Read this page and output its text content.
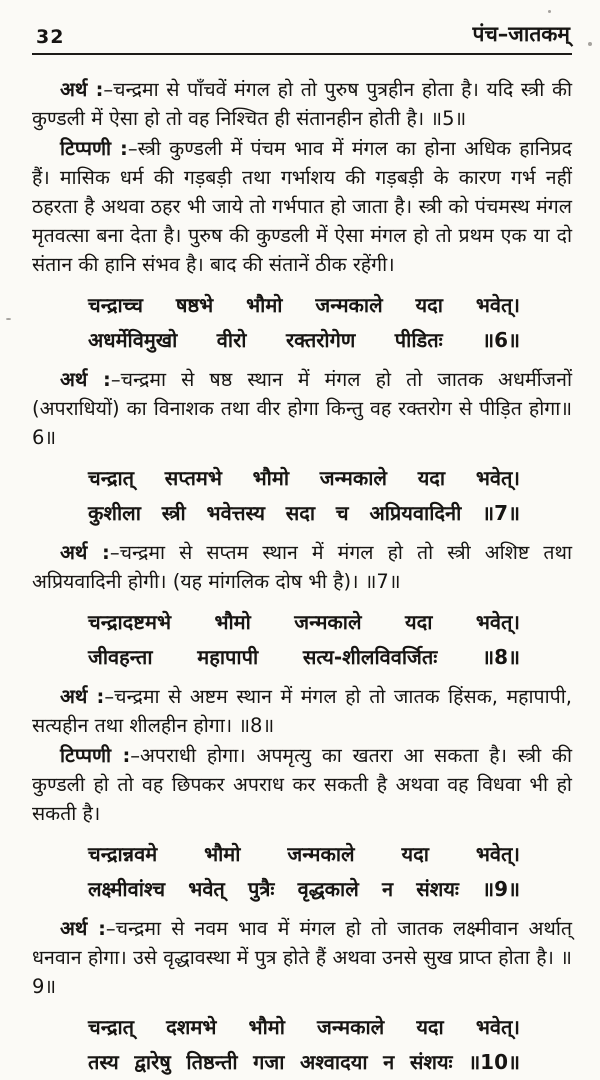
32	पंच–जातकम्

अर्थ :–चन्द्रमा से पाँचवें मंगल हो तो पुरुष पुत्रहीन होता है। यदि स्त्री की कुण्डली में ऐसा हो तो वह निश्चित ही संतानहीन होती है। ॥5॥

टिप्पणी :–स्त्री कुण्डली में पंचम भाव में मंगल का होना अधिक हानिप्रद हैं। मासिक धर्म की गड़बड़ी तथा गर्भाशय की गड़बड़ी के कारण गर्भ नहीं ठहरता है अथवा ठहर भी जाये तो गर्भपात हो जाता है। स्त्री को पंचमस्थ मंगल मृतवत्सा बना देता है। पुरुष की कुण्डली में ऐसा मंगल हो तो प्रथम एक या दो संतान की हानि संभव है। बाद की संतानें ठीक रहेंगी।

चन्द्राच्च षष्ठभे भौमो जन्मकाले यदा भवेत्।
अधर्मेविमुखो वीरो रक्तरोगेण पीडितः ॥6॥

अर्थ :–चन्द्रमा से षष्ठ स्थान में मंगल हो तो जातक अधर्मीजनों (अपराधियों) का विनाशक तथा वीर होगा किन्तु वह रक्तरोग से पीड़ित होगा॥6॥

चन्द्रात् सप्तमभे भौमो जन्मकाले यदा भवेत्।
कुशीला स्त्री भवेत्तस्य सदा च अप्रियवादिनी ॥7॥

अर्थ :–चन्द्रमा से सप्तम स्थान में मंगल हो तो स्त्री अशिष्ट तथा अप्रियवादिनी होगी। (यह मांगलिक दोष भी है)। ॥7॥

चन्द्रादष्टमभे भौमो जन्मकाले यदा भवेत्।
जीवहन्ता महापापी सत्य-शीलविवर्जितः ॥8॥

अर्थ :–चन्द्रमा से अष्टम स्थान में मंगल हो तो जातक हिंसक, महापापी, सत्यहीन तथा शीलहीन होगा। ॥8॥

टिप्पणी :–अपराधी होगा। अपमृत्यु का खतरा आ सकता है। स्त्री की कुण्डली हो तो वह छिपकर अपराध कर सकती है अथवा वह विधवा भी हो सकती है।

चन्द्रान्नवमे भौमो जन्मकाले यदा भवेत्।
लक्ष्मीवांश्च भवेत् पुत्रैः वृद्धकाले न संशयः ॥9॥

अर्थ :–चन्द्रमा से नवम भाव में मंगल हो तो जातक लक्ष्मीवान अर्थात् धनवान होगा। उसे वृद्धावस्था में पुत्र होते हैं अथवा उनसे सुख प्राप्त होता है। ॥9॥

चन्द्रात् दशमभे भौमो जन्मकाले यदा भवेत्।
तस्य द्वारेषु तिष्ठन्ती गजा अश्वादया न संशयः ॥10॥
